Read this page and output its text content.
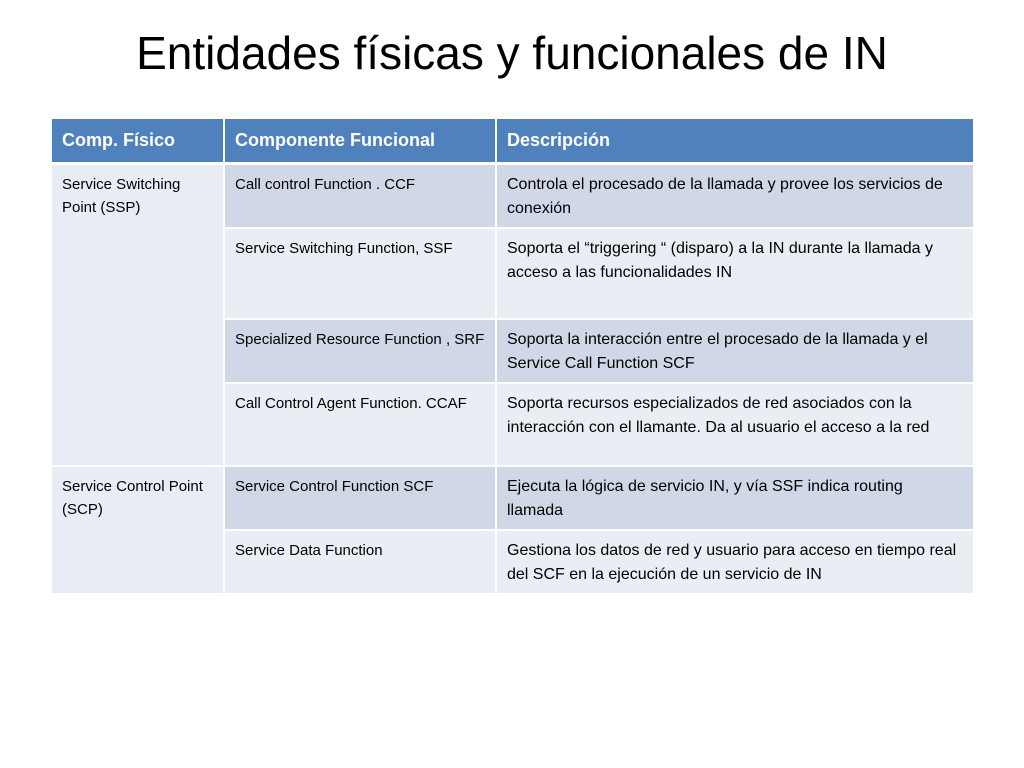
Entidades físicas y funcionales de IN
Comp. Físico	Componente Funcional	Descripción
Service Switching Point (SSP)	Call control Function . CCF	Controla el procesado de la llamada y provee los servicios de conexión
	Service Switching Function, SSF	Soporta el “triggering “ (disparo) a la IN durante la llamada y acceso a las funcionalidades IN
	Specialized Resource Function , SRF	Soporta la interacción entre el procesado de la llamada y el Service Call Function SCF
	Call Control Agent Function. CCAF	Soporta recursos especializados de red asociados con la interacción con el llamante. Da al usuario el acceso a la red
Service Control Point (SCP)	Service Control Function SCF	Ejecuta la lógica de servicio IN, y vía SSF indica routing llamada
	Service Data Function	Gestiona los datos de red y usuario para acceso en tiempo real del SCF en la ejecución de un servicio de IN
